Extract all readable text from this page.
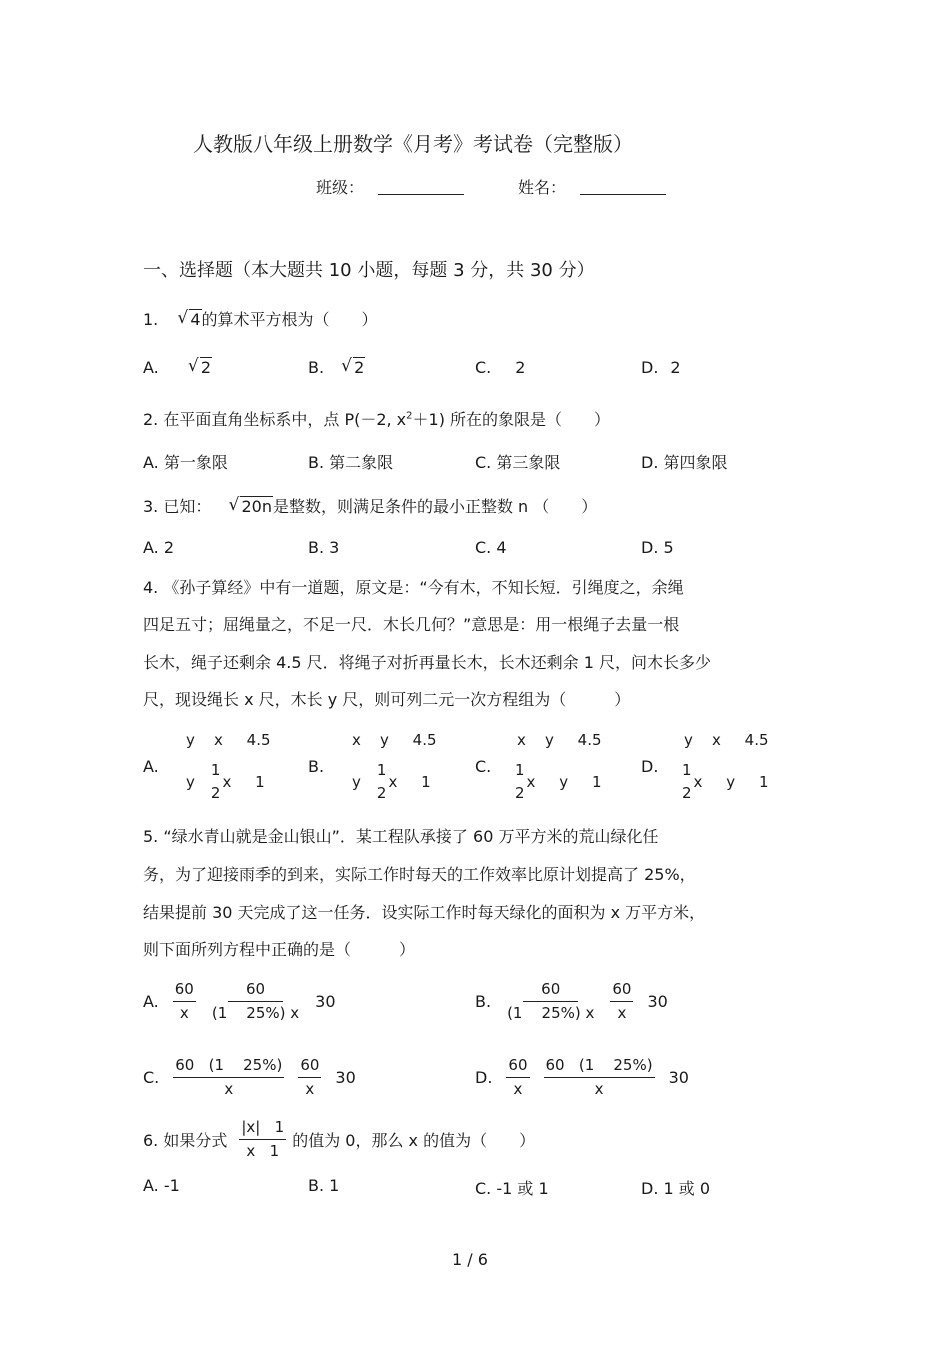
人教版八年级上册数学《月考》考试卷（完整版）
班级：	姓名：
一、选择题（本大题共 10 小题，每题 3 分，共 30 分）
1. √ 4的算术平方根为（　　）
A. √ 2	B. √ 2	C. 2	D. 2
2. 在平面直角坐标系中，点 P(－2, $x^2+1$) 所在的象限是（　　）
A. 第一象限	B. 第二象限	C. 第三象限	D. 第四象限
3. 已知： √ 20n是整数，则满足条件的最小正整数 n （　　）
A. 2	B. 3	C. 4	D. 5
4. 《孙子算经》中有一道题，原文是：“今有木，不知长短．引绳度之，余绳
四足五寸；屈绳量之，不足一尺．木长几何？”意思是：用一根绳子去量一根
长木，绳子还剩余 4.5 尺．将绳子对折再量长木，长木还剩余 1 尺，问木长多少
尺，现设绳长 x 尺，木长 y 尺，则可列二元一次方程组为（　　　）
A.
y    x     4.5
y
1
2
x     1
B.
x    y     4.5
y
1
2
x     1
C.
x    y     4.5
1
2
x     y     1
D.
y    x     4.5
1
2
x     y     1
5. “绿水青山就是金山银山”．某工程队承接了 60 万平方米的荒山绿化任
务，为了迎接雨季的到来，实际工作时每天的工作效率比原计划提高了 25%，
结果提前 30 天完成了这一任务．设实际工作时每天绿化的面积为 x 万平方米，
则下面所列方程中正确的是（　　　）
A. $\frac{60}{x} \frac{60}{(1 25\%) x} 30$	B. $\frac{60}{(1 25\%) x} \frac{60}{x} 30$
C. $\frac{60 (1 25\%)}{x} \frac{60}{x} 30$	D. $\frac{60}{x} \frac{60 (1 25\%)}{x} 30$
6. 如果分式 $\frac{|x| 1}{x 1}$ 的值为 0，那么 x 的值为（　　）
A. -1	B. 1	C. -1 或 1	D. 1 或 0
1 / 6
